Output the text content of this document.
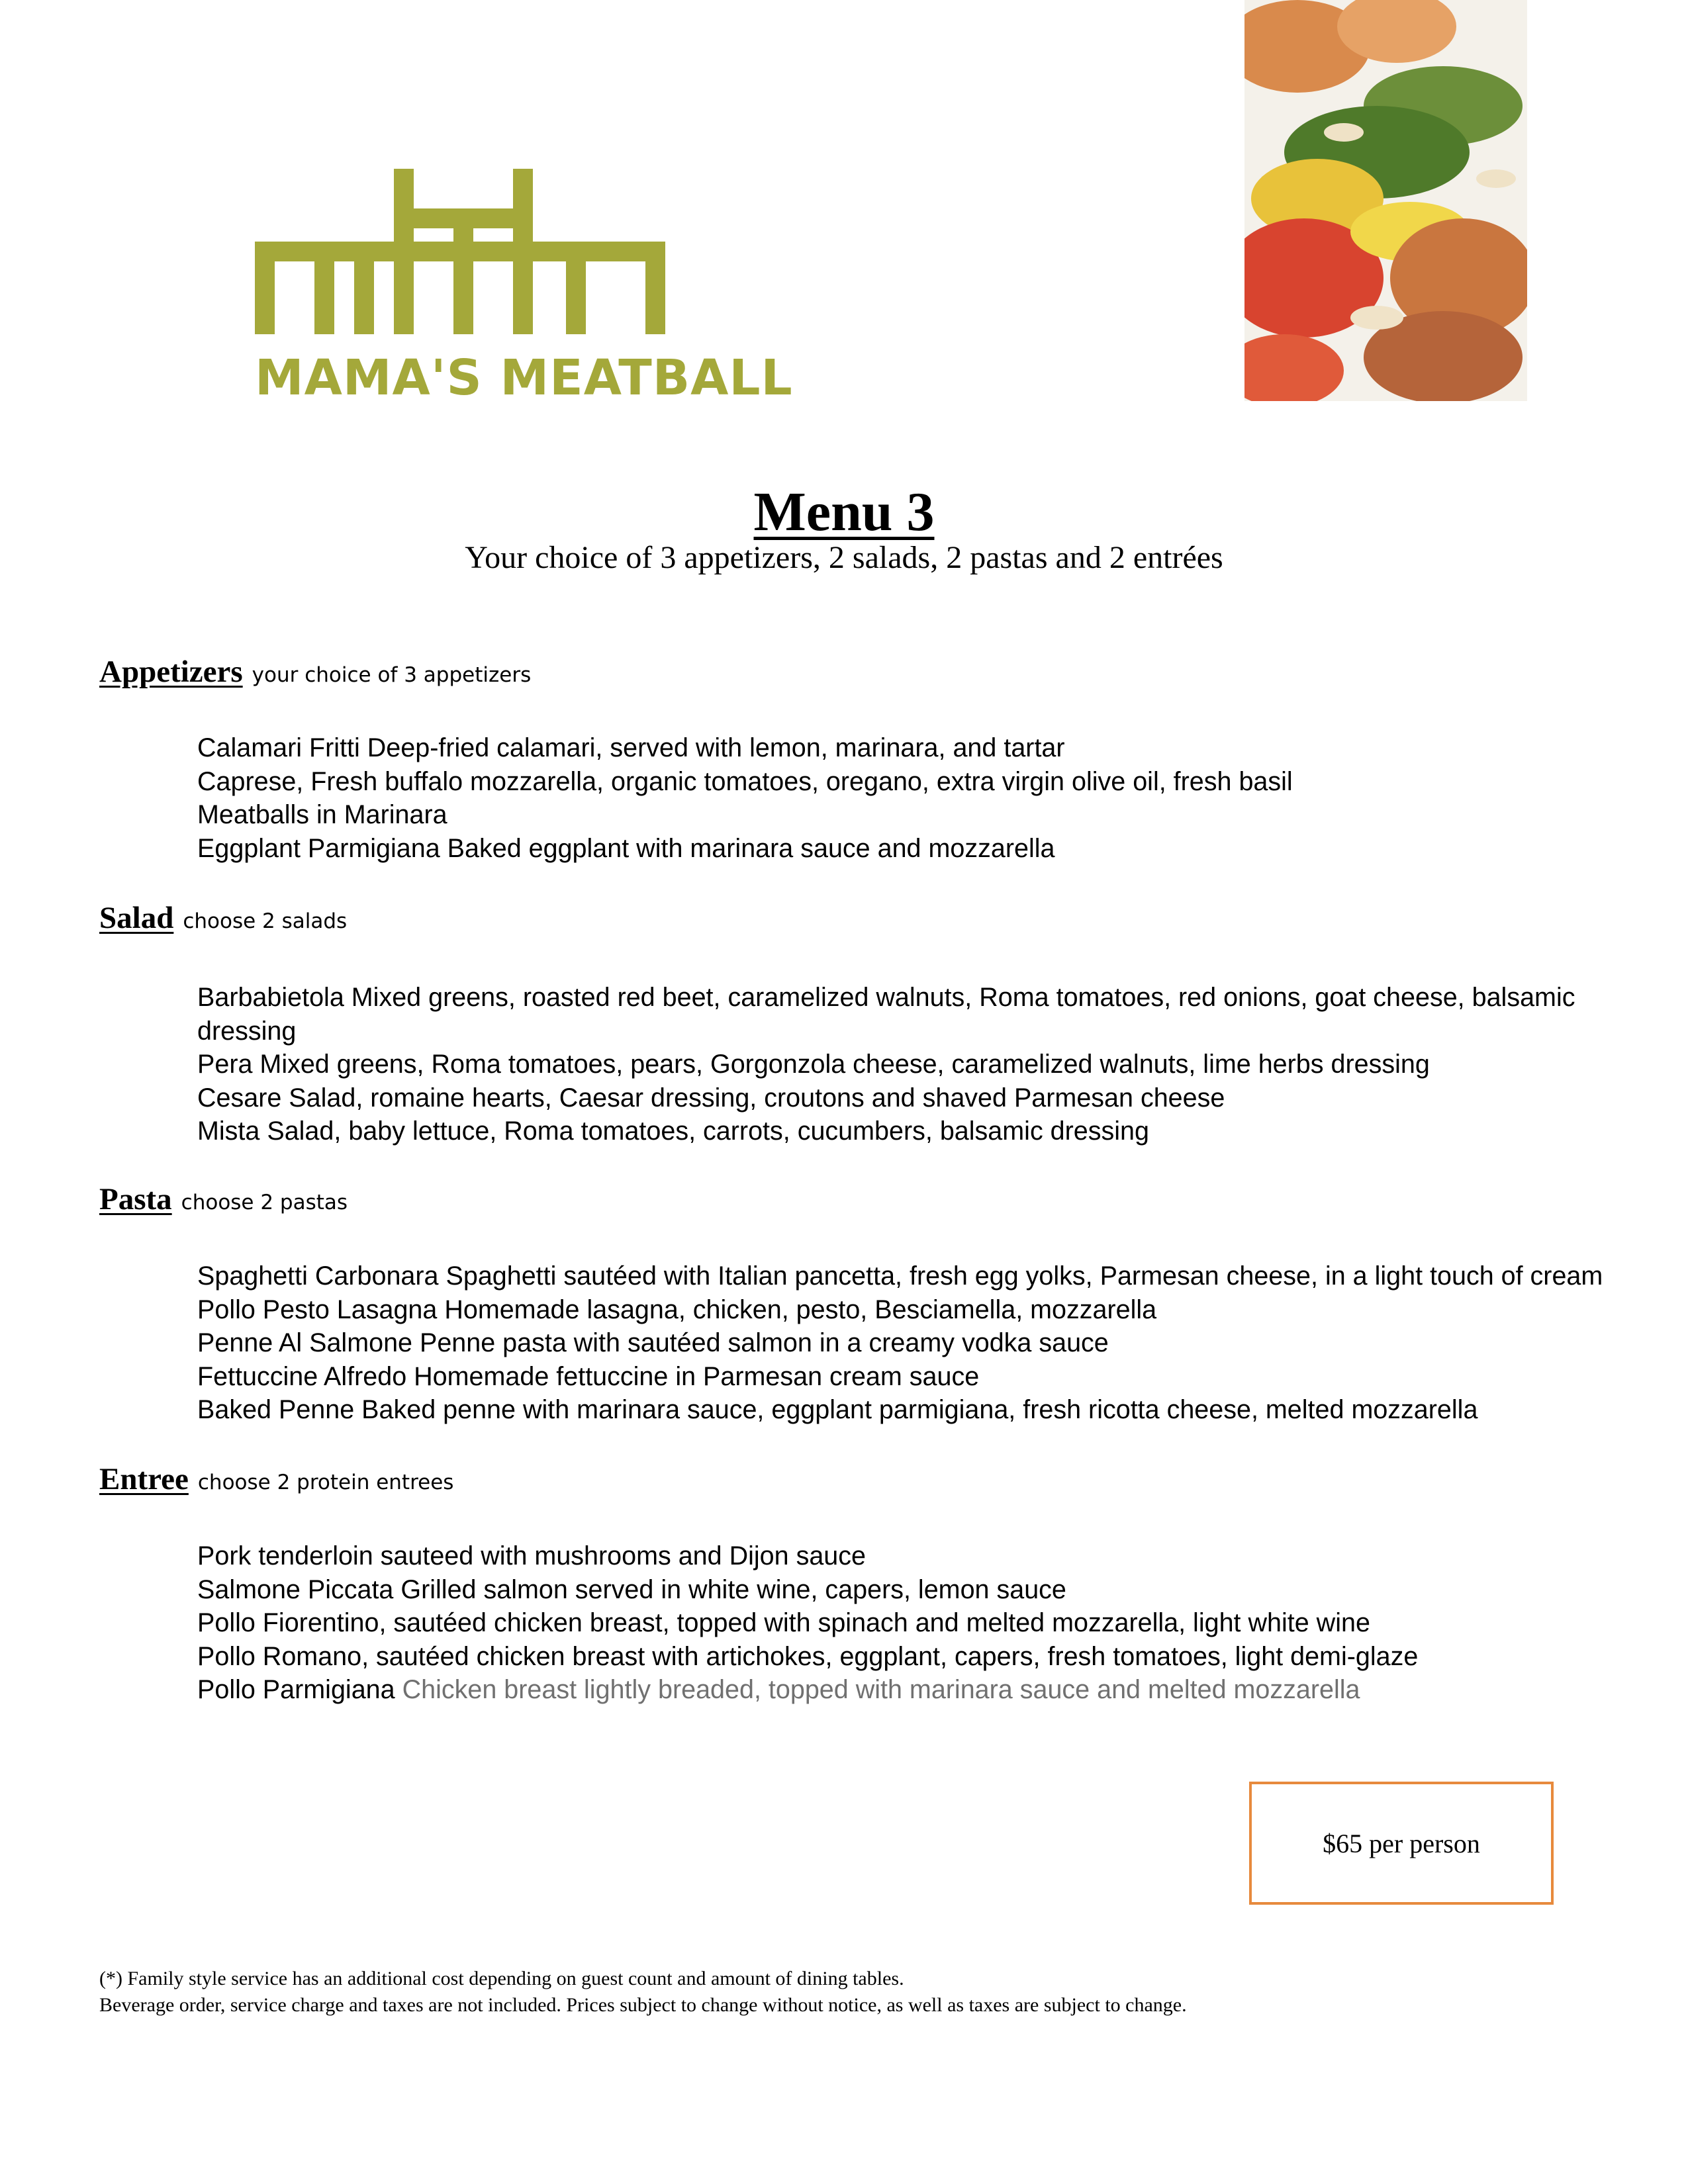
MAMA'S MEATBALL
Menu 3
Your choice of 3 appetizers, 2 salads, 2 pastas and 2 entrées
Appetizers your choice of 3 appetizers
Calamari Fritti Deep-fried calamari, served with lemon, marinara, and tartar
Caprese, Fresh buffalo mozzarella, organic tomatoes, oregano, extra virgin olive oil, fresh basil
Meatballs in Marinara
Eggplant Parmigiana Baked eggplant with marinara sauce and mozzarella
Salad choose 2 salads
Barbabietola Mixed greens, roasted red beet, caramelized walnuts, Roma tomatoes, red onions, goat cheese, balsamic dressing
Pera Mixed greens, Roma tomatoes, pears, Gorgonzola cheese, caramelized walnuts, lime herbs dressing
Cesare Salad, romaine hearts, Caesar dressing, croutons and shaved Parmesan cheese
Mista Salad, baby lettuce, Roma tomatoes, carrots, cucumbers, balsamic dressing
Pasta choose 2 pastas
Spaghetti Carbonara Spaghetti sautéed with Italian pancetta, fresh egg yolks, Parmesan cheese, in a light touch of cream
Pollo Pesto Lasagna Homemade lasagna, chicken, pesto, Besciamella, mozzarella
Penne Al Salmone Penne pasta with sautéed salmon in a creamy vodka sauce
Fettuccine Alfredo Homemade fettuccine in Parmesan cream sauce
Baked Penne Baked penne with marinara sauce, eggplant parmigiana, fresh ricotta cheese, melted mozzarella
Entree choose 2 protein entrees
Pork tenderloin sauteed with mushrooms and Dijon sauce
Salmone Piccata Grilled salmon served in white wine, capers, lemon sauce
Pollo Fiorentino, sautéed chicken breast, topped with spinach and melted mozzarella, light white wine
Pollo Romano, sautéed chicken breast with artichokes, eggplant, capers, fresh tomatoes, light demi-glaze
Pollo Parmigiana Chicken breast lightly breaded, topped with marinara sauce and melted mozzarella
$65 per person
(*) Family style service has an additional cost depending on guest count and amount of dining tables.
Beverage order, service charge and taxes are not included. Prices subject to change without notice, as well as taxes are subject to change.
